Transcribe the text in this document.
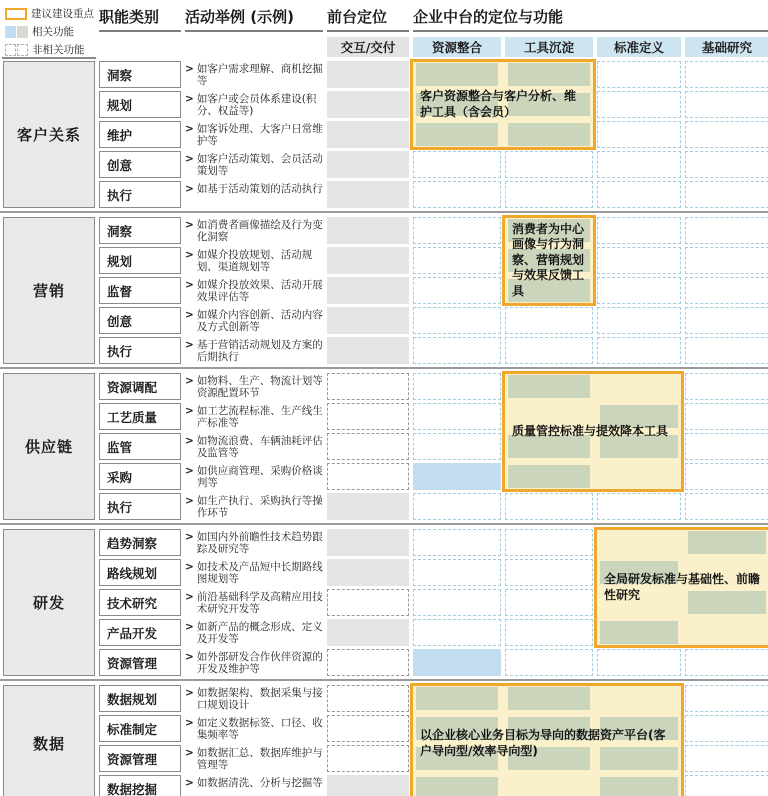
建议建设重点
相关功能
非相关功能
职能类别	活动举例 (示例)	前台定位	企业中台的定位与功能
交互/交付	资源整合	工具沉淀	标准定义	基础研究
客户关系
洞察	> 如客户需求理解、商机挖掘等
规划	> 如客户或会员体系建设(积分、权益等)
维护	> 如客诉处理、大客户日常维护等
创意	> 如客户活动策划、会员活动策划等
执行	> 如基于活动策划的活动执行
客户资源整合与客户分析、维护工具（含会员）
营销
洞察	> 如消费者画像描绘及行为变化洞察
规划	> 如媒介投放规划、活动规划、渠道规划等
监督	> 如媒介投放效果、活动开展效果评估等
创意	> 如媒介内容创新、活动内容及方式创新等
执行	> 基于营销活动规划及方案的后期执行
消费者为中心画像与行为洞察、营销规划与效果反馈工具
供应链
资源调配	> 如物料、生产、物流计划等资源配置环节
工艺质量	> 如工艺流程标准、生产线生产标准等
监管	> 如物流浪费、车辆油耗评估及监管等
采购	> 如供应商管理、采购价格谈判等
执行	> 如生产执行、采购执行等操作环节
质量管控标准与提效降本工具
研发
趋势洞察	> 如国内外前瞻性技术趋势跟踪及研究等
路线规划	> 如技术及产品短中长期路线图规划等
技术研究	> 前沿基础科学及高精应用技术研究开发等
产品开发	> 如新产品的概念形成、定义及开发等
资源管理	> 如外部研发合作伙伴资源的开发及维护等
全局研发标准与基础性、前瞻性研究
数据
数据规划	> 如数据架构、数据采集与接口规划设计
标准制定	> 如定义数据标签、口径、收集频率等
资源管理	> 如数据汇总、数据库维护与管理等
数据挖掘	> 如数据清洗、分析与挖掘等
以企业核心业务目标为导向的数据资产平台(客户导向型/效率导向型)
